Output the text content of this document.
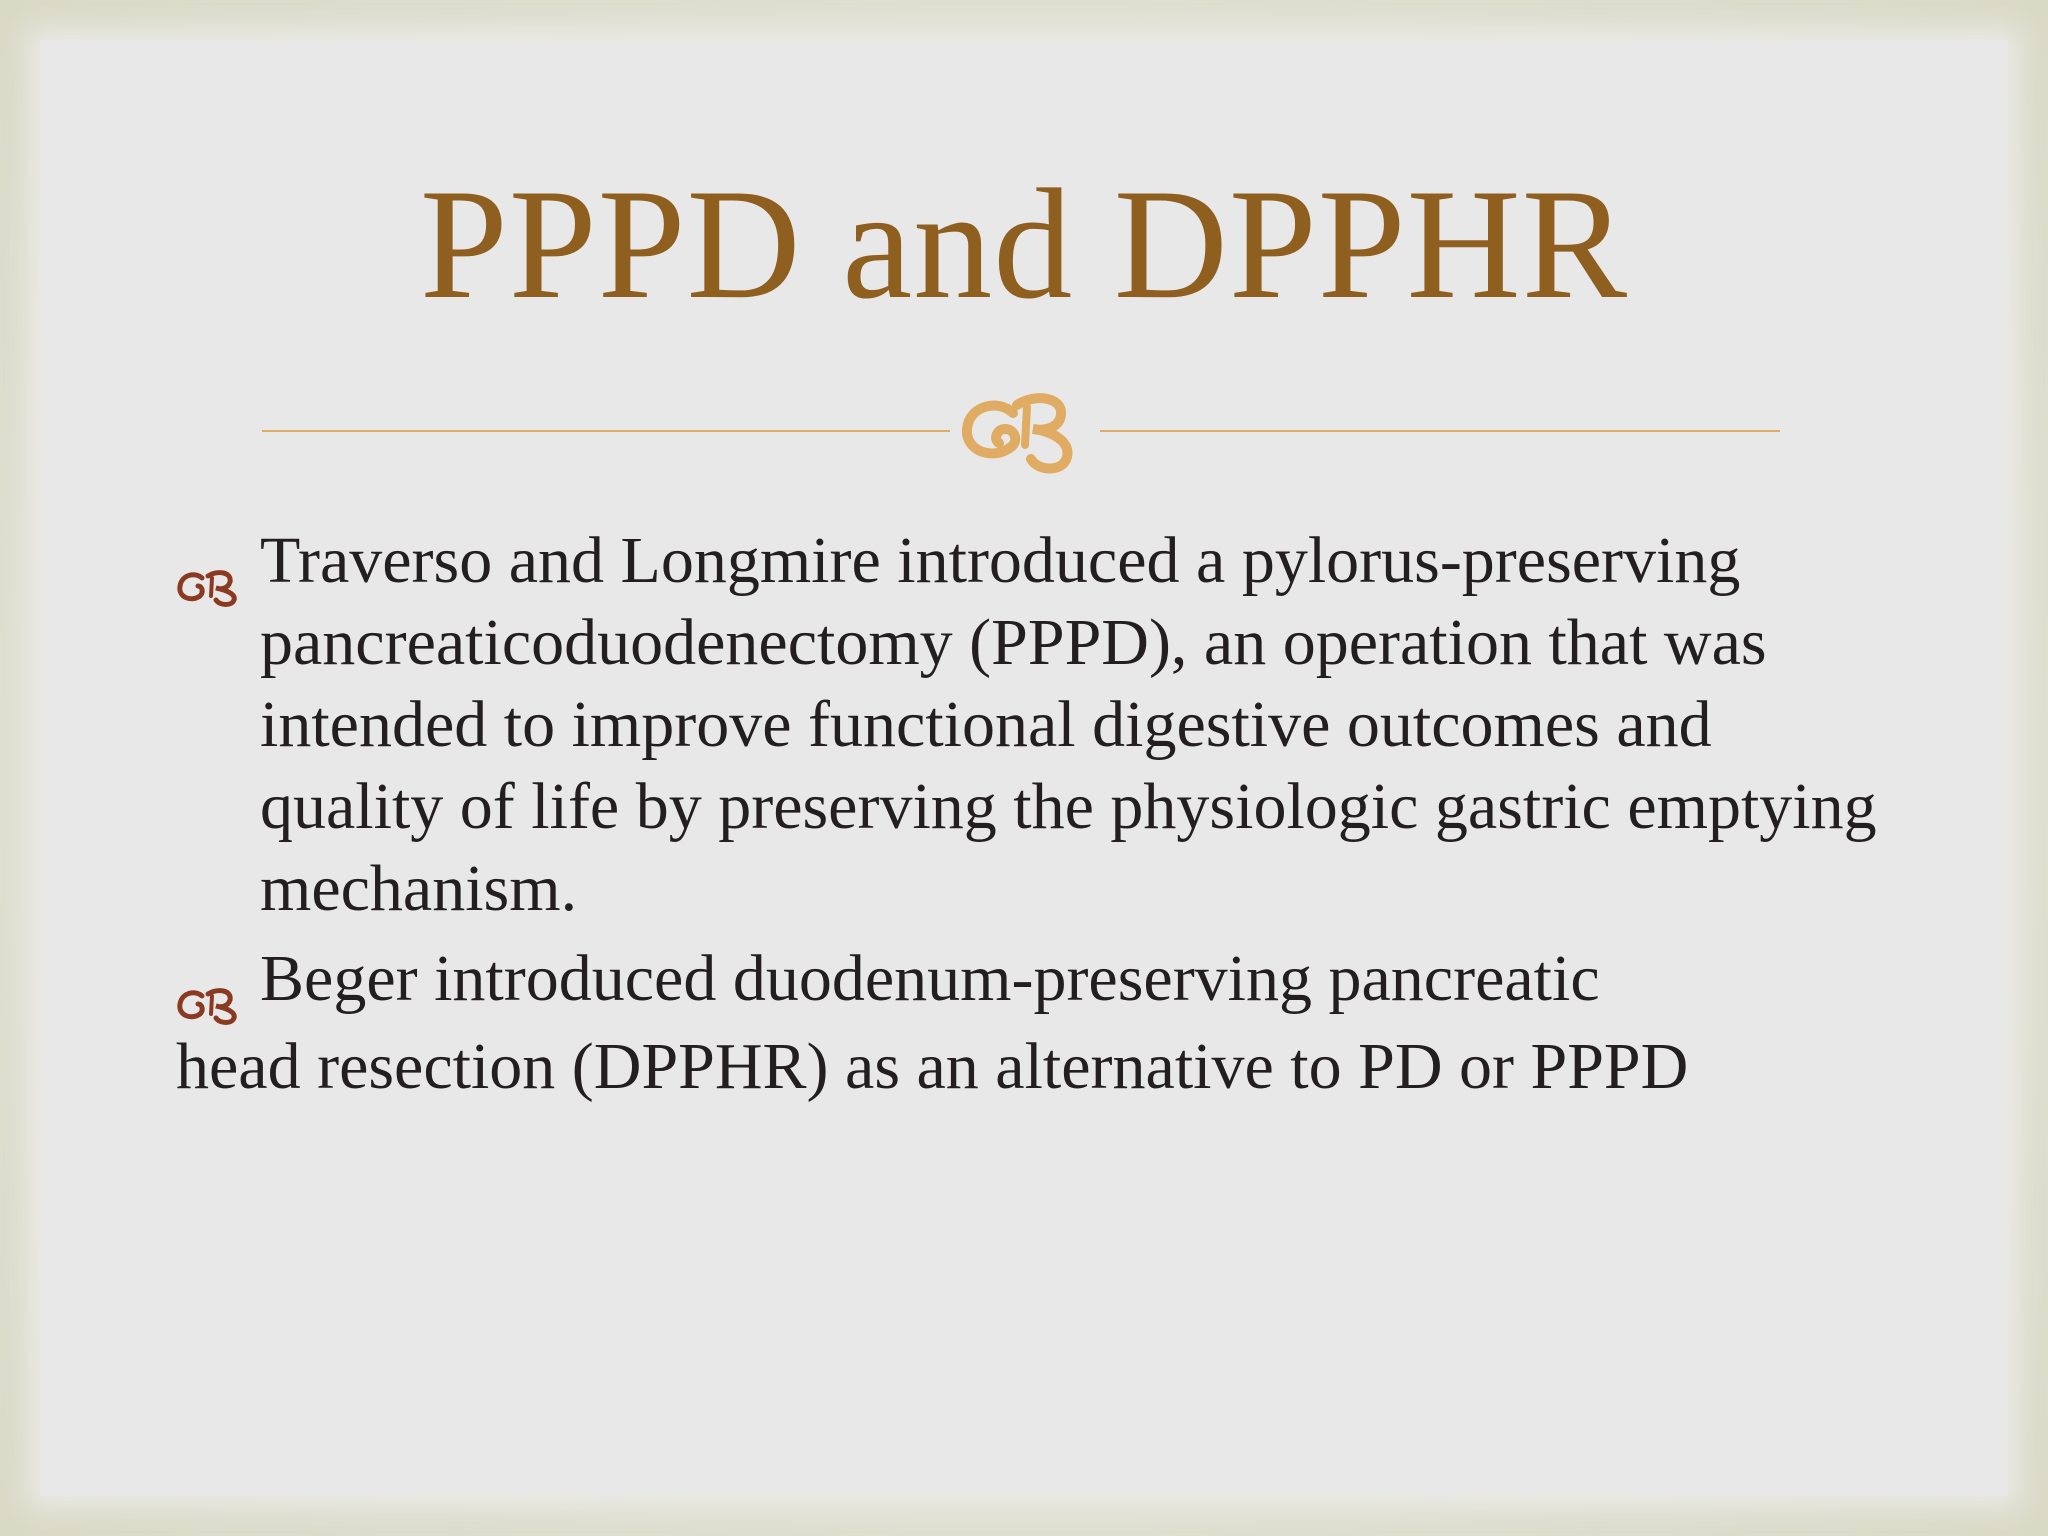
PPPD and DPPHR
Traverso and Longmire introduced a pylorus-preserving pancreaticoduodenectomy (PPPD), an operation that was intended to improve functional digestive outcomes and quality of life by preserving the physiologic gastric emptying mechanism.
Beger introduced duodenum-preserving pancreatic
head resection (DPPHR) as an alternative to PD or PPPD
